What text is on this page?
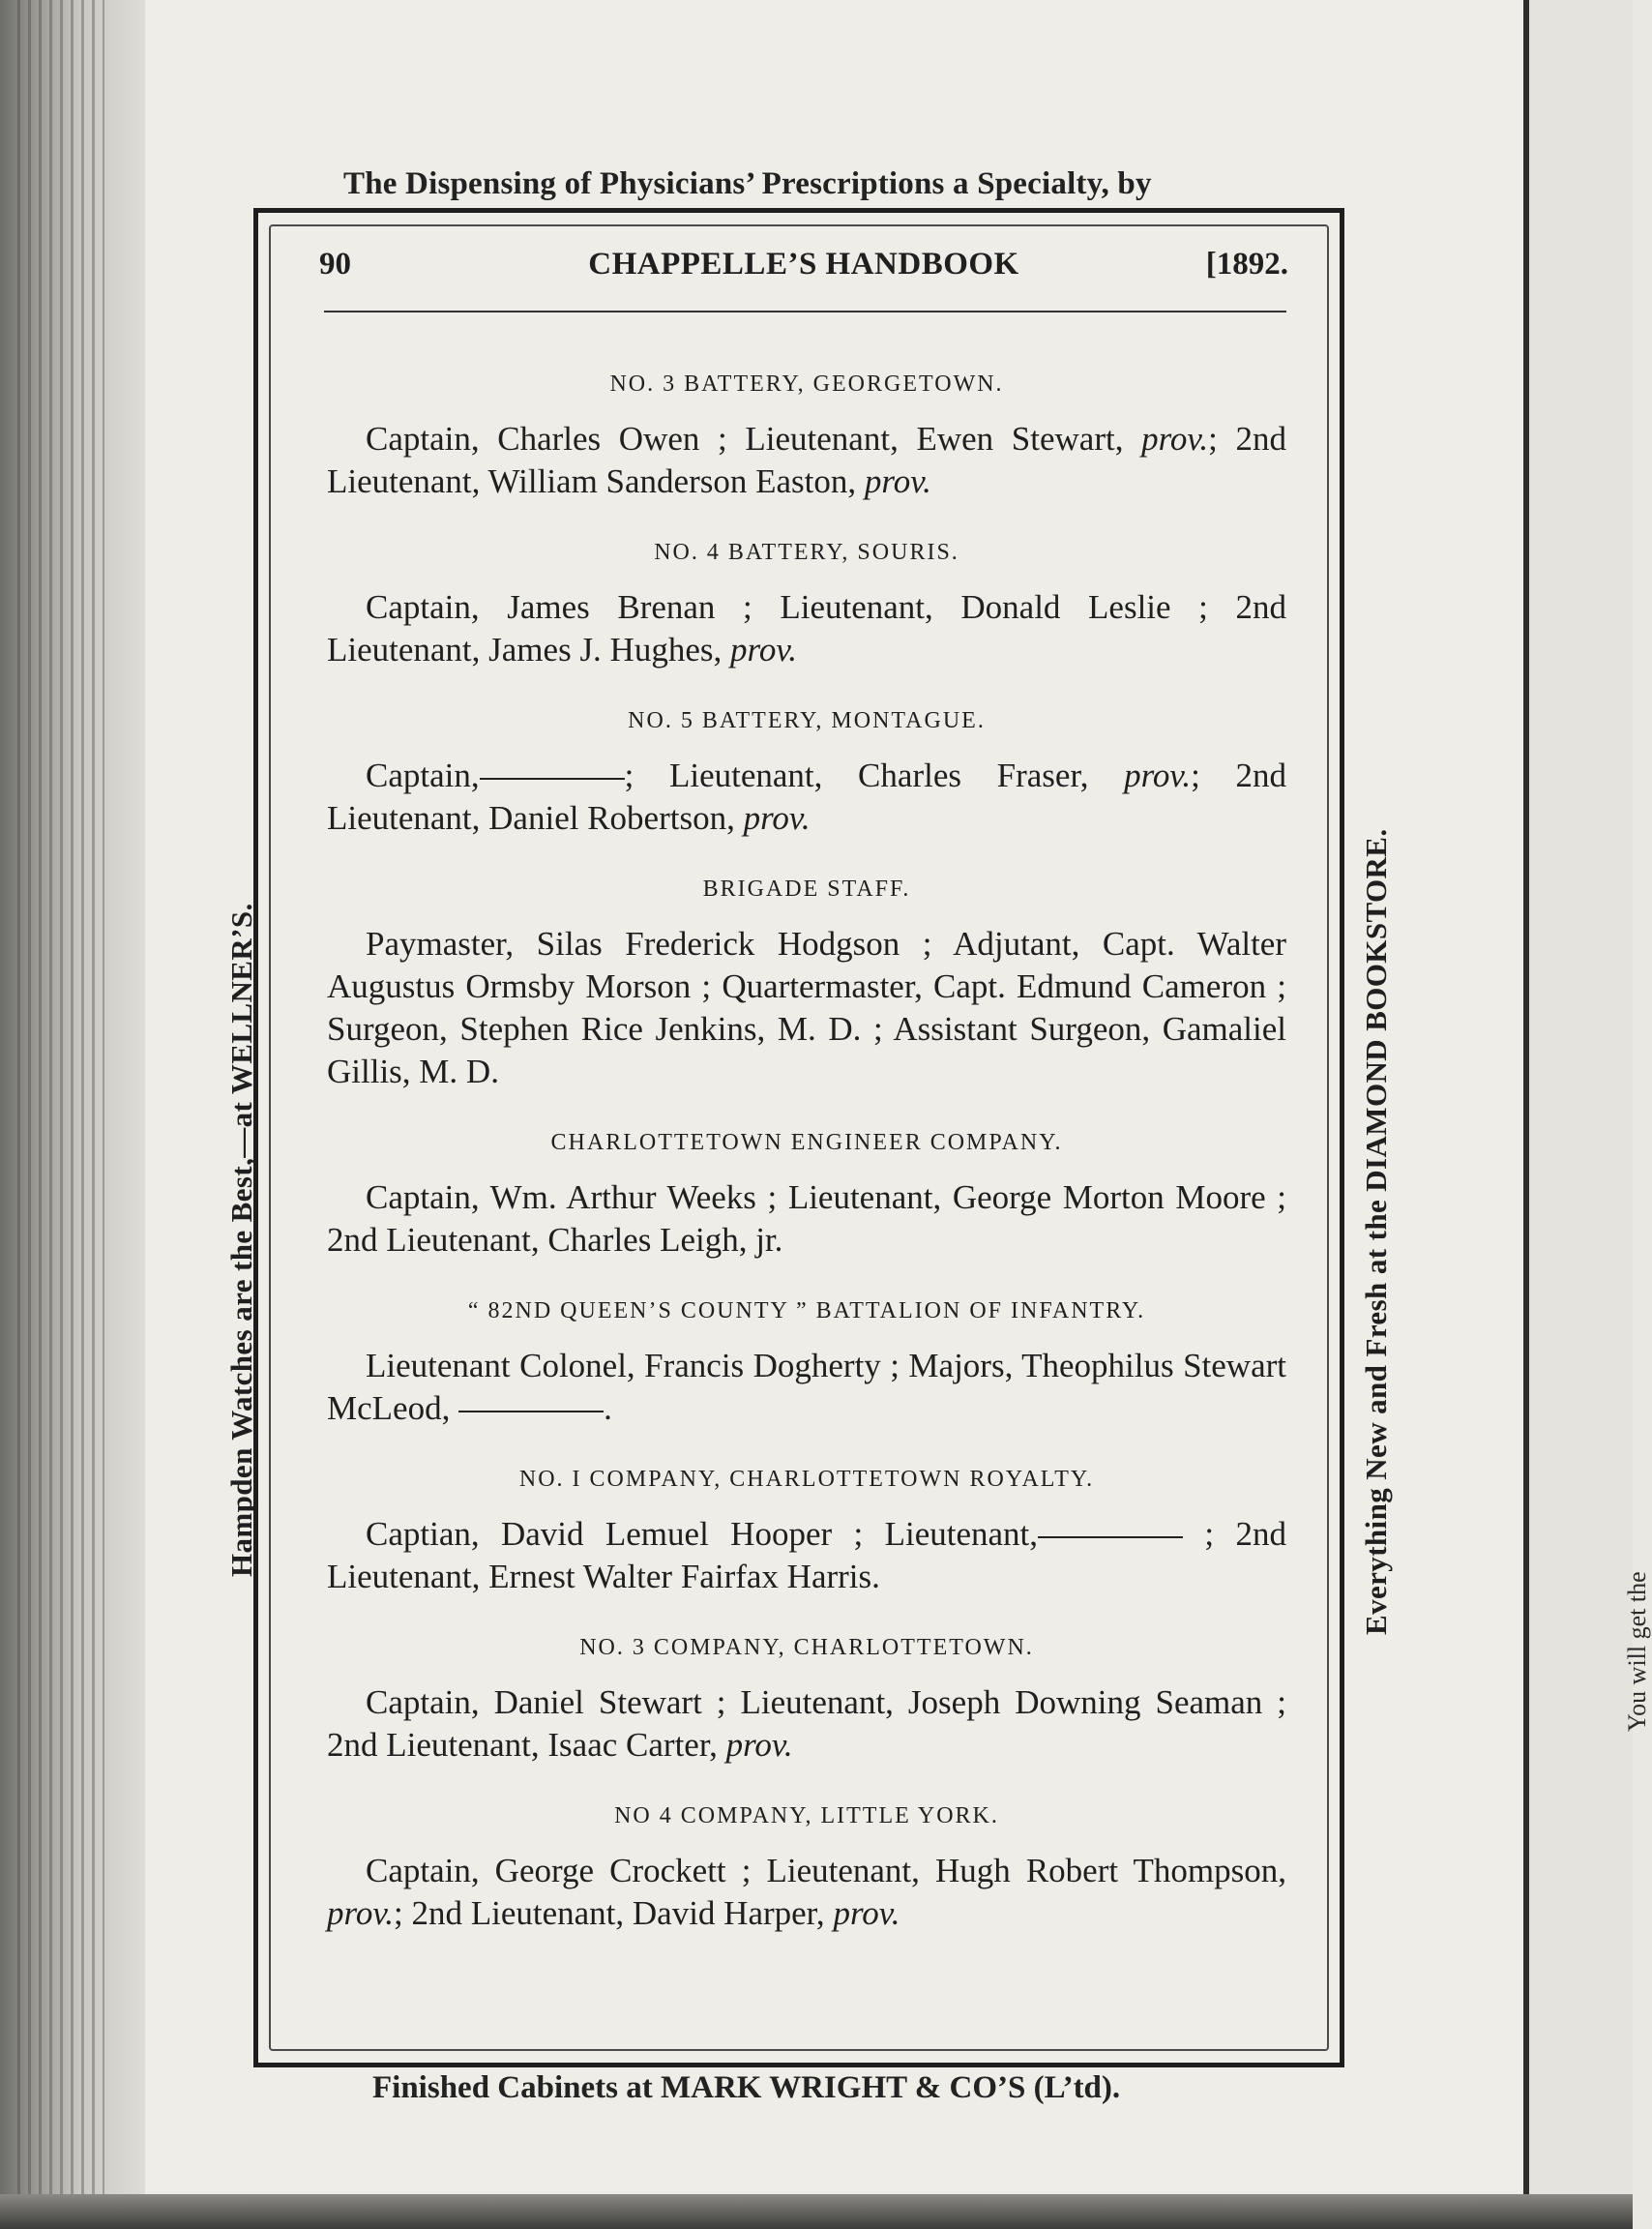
You will get the
The Dispensing of Physicians’ Prescriptions a Specialty, by
Hampden Watches are the Best,—at WELLNER’S.	Everything New and Fresh at the DIAMOND BOOKSTORE.
90	CHAPPELLE’S HANDBOOK	[1892.
NO. 3 BATTERY, GEORGETOWN.

Captain, Charles Owen ; Lieutenant, Ewen Stewart, prov.; 2nd Lieutenant, William Sanderson Easton, prov.

NO. 4 BATTERY, SOURIS.

Captain, James Brenan ; Lieutenant, Donald Leslie ; 2nd Lieutenant, James J. Hughes, prov.

NO. 5 BATTERY, MONTAGUE.

Captain,	; Lieutenant, Charles Fraser, prov.; 2nd Lieutenant, Daniel Robertson, prov.

BRIGADE STAFF.

Paymaster, Silas Frederick Hodgson ; Adjutant, Capt. Walter Augustus Ormsby Morson ; Quartermaster, Capt. Edmund Cameron ; Surgeon, Stephen Rice Jenkins, M. D. ; Assistant Surgeon, Gamaliel Gillis, M. D.

CHARLOTTETOWN ENGINEER COMPANY.

Captain, Wm. Arthur Weeks ; Lieutenant, George Morton Moore ; 2nd Lieutenant, Charles Leigh, jr.

“ 82ND QUEEN’S COUNTY ” BATTALION OF INFANTRY.

Lieutenant Colonel, Francis Dogherty ; Majors, Theophilus Stewart McLeod,	.

NO. I COMPANY, CHARLOTTETOWN ROYALTY.

Captian, David Lemuel Hooper ; Lieutenant,	; 2nd Lieutenant, Ernest Walter Fairfax Harris.

NO. 3 COMPANY, CHARLOTTETOWN.

Captain, Daniel Stewart ; Lieutenant, Joseph Downing Seaman ; 2nd Lieutenant, Isaac Carter, prov.

NO 4 COMPANY, LITTLE YORK.

Captain, George Crockett ; Lieutenant, Hugh Robert Thompson, prov.; 2nd Lieutenant, David Harper, prov.

Finished Cabinets at MARK WRIGHT & CO’S (L’td).
